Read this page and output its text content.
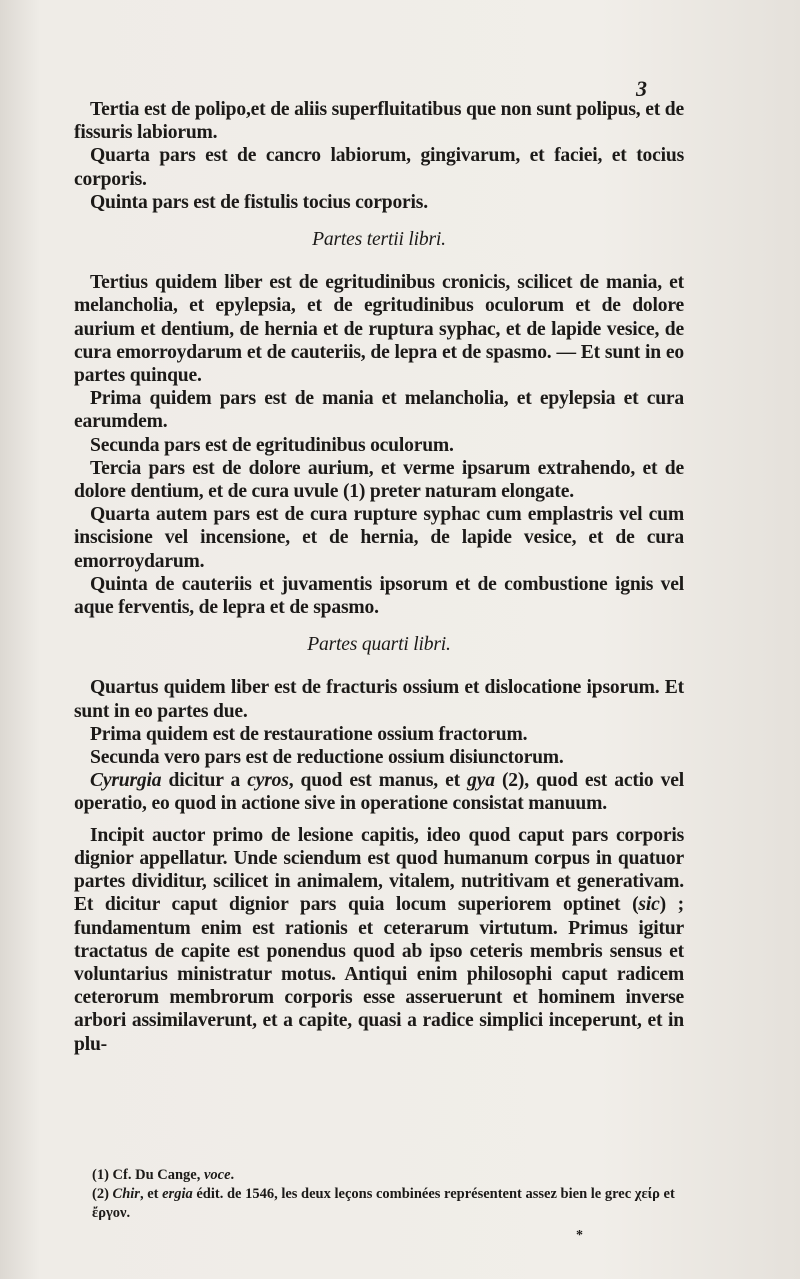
3

Tertia est de polipo,et de aliis superfluitatibus que non sunt polipus, et de fissuris labiorum.

Quarta pars est de cancro labiorum, gingivarum, et faciei, et tocius corporis.

Quinta pars est de fistulis tocius corporis.

Partes tertii libri.

Tertius quidem liber est de egritudinibus cronicis, scilicet de mania, et melancholia, et epylepsia, et de egritudinibus oculorum et de dolore aurium et dentium, de hernia et de ruptura syphac, et de lapide vesice, de cura emorroydarum et de cauteriis, de lepra et de spasmo. — Et sunt in eo partes quinque.

Prima quidem pars est de mania et melancholia, et epylepsia et cura earumdem.

Secunda pars est de egritudinibus oculorum.

Tercia pars est de dolore aurium, et verme ipsarum extrahendo, et de dolore dentium, et de cura uvule (1) preter naturam elongate.

Quarta autem pars est de cura rupture syphac cum emplastris vel cum inscisione vel incensione, et de hernia, de lapide vesice, et de cura emorroydarum.

Quinta de cauteriis et juvamentis ipsorum et de combustione ignis vel aque ferventis, de lepra et de spasmo.

Partes quarti libri.

Quartus quidem liber est de fracturis ossium et dislocatione ipsorum. Et sunt in eo partes due.

Prima quidem est de restauratione ossium fractorum.

Secunda vero pars est de reductione ossium disiunctorum.

Cyrurgia dicitur a cyros, quod est manus, et gya (2), quod est actio vel operatio, eo quod in actione sive in operatione consistat manuum.

Incipit auctor primo de lesione capitis, ideo quod caput pars corporis dignior appellatur. Unde sciendum est quod humanum corpus in quatuor partes dividitur, scilicet in animalem, vitalem, nutritivam et generativam. Et dicitur caput dignior pars quia locum superiorem optinet (sic) ; fundamentum enim est rationis et ceterarum virtutum. Primus igitur tractatus de capite est ponendus quod ab ipso ceteris membris sensus et voluntarius ministratur motus. Antiqui enim philosophi caput radicem ceterorum membrorum corporis esse asseruerunt et hominem inverse arbori assimilaverunt, et a capite, quasi a radice simplici inceperunt, et in plu-

(1) Cf. Du Cange, voce.

(2) Chir, et ergia édit. de 1546, les deux leçons combinées représentent assez bien le grec χείρ et ἔργον.

*
